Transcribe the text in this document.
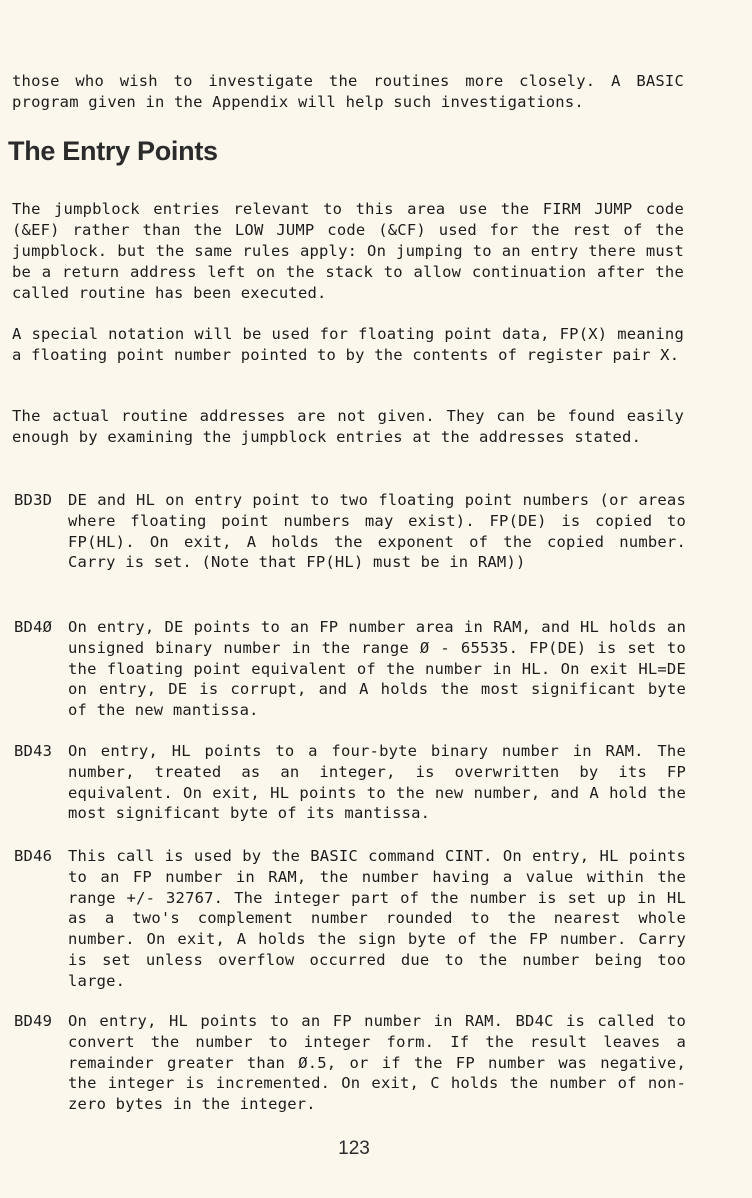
those who wish to investigate the routines more closely. A BASIC program given in the Appendix will help such investigations.

The Entry Points

The jumpblock entries relevant to this area use the FIRM JUMP code (&EF) rather than the LOW JUMP code (&CF) used for the rest of the jumpblock. but the same rules apply: On jumping to an entry there must be a return address left on the stack to allow continuation after the called routine has been executed.

A special notation will be used for floating point data, FP(X) meaning a floating point number pointed to by the contents of register pair X.

The actual routine addresses are not given. They can be found easily enough by examining the jumpblock entries at the addresses stated.

BD3D	DE and HL on entry point to two floating point numbers (or areas where floating point numbers may exist). FP(DE) is copied to FP(HL). On exit, A holds the exponent of the copied number. Carry is set. (Note that FP(HL) must be in RAM))
BD4Ø	On entry, DE points to an FP number area in RAM, and HL holds an unsigned binary number in the range Ø - 65535. FP(DE) is set to the floating point equivalent of the number in HL. On exit HL=DE on entry, DE is corrupt, and A holds the most significant byte of the new mantissa.
BD43	On entry, HL points to a four-byte binary number in RAM. The number, treated as an integer, is overwritten by its FP equivalent. On exit, HL points to the new number, and A hold the most significant byte of its mantissa.
BD46	This call is used by the BASIC command CINT. On entry, HL points to an FP number in RAM, the number having a value within the range +/- 32767. The integer part of the number is set up in HL as a two's complement number rounded to the nearest whole number. On exit, A holds the sign byte of the FP number. Carry is set unless overflow occurred due to the number being too large.
BD49	On entry, HL points to an FP number in RAM. BD4C is called to convert the number to integer form. If the result leaves a remainder greater than Ø.5, or if the FP number was negative, the integer is incremented. On exit, C holds the number of non-zero bytes in the integer.
123
